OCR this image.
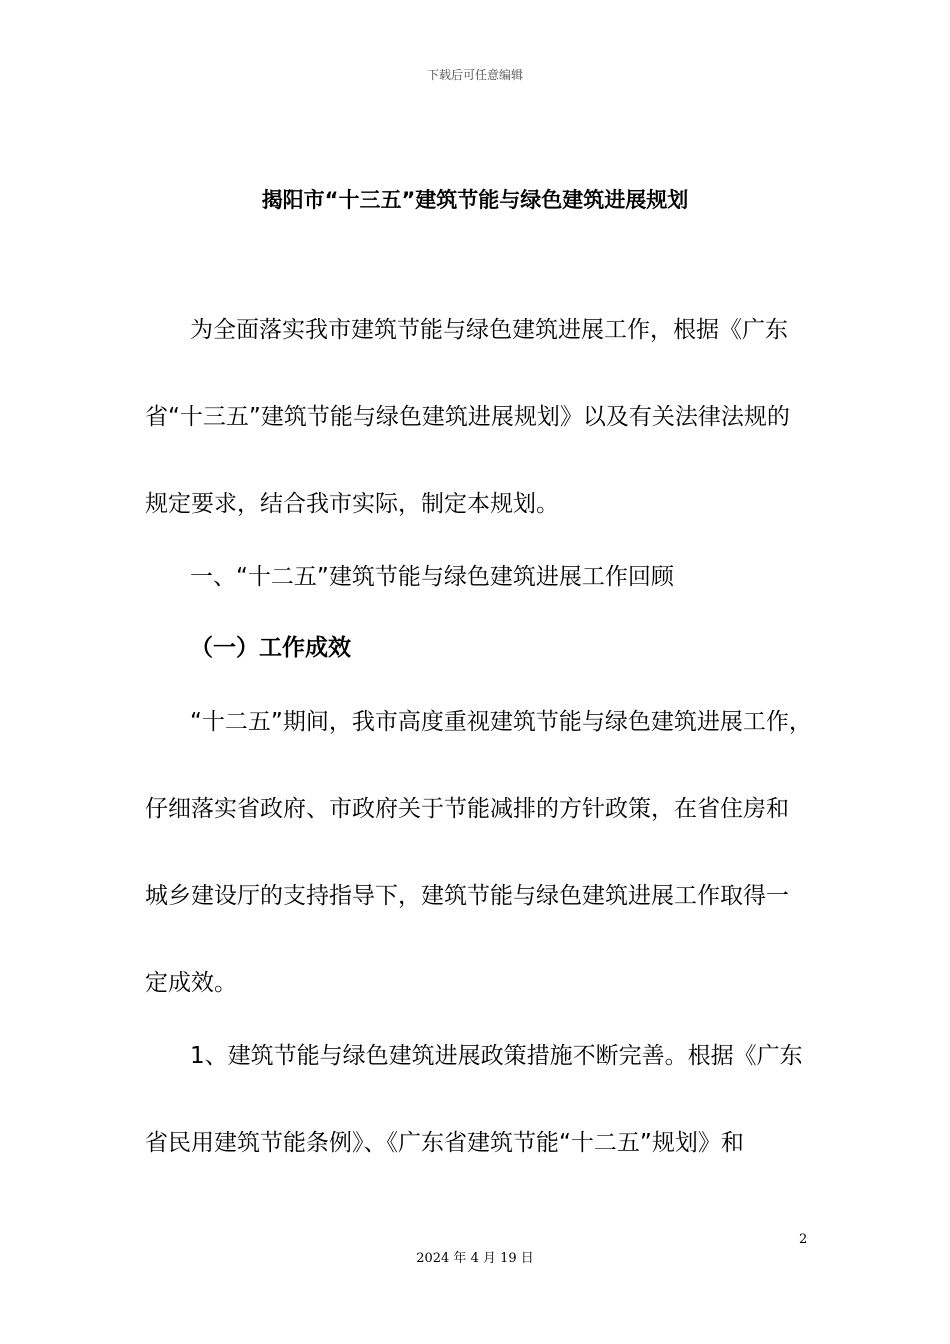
下载后可任意编辑
揭阳市“十三五”建筑节能与绿色建筑进展规划
为全面落实我市建筑节能与绿色建筑进展工作，根据《广东
省“十三五”建筑节能与绿色建筑进展规划》以及有关法律法规的
规定要求，结合我市实际，制定本规划。
一、“十二五”建筑节能与绿色建筑进展工作回顾
（一）工作成效
“十二五”期间，我市高度重视建筑节能与绿色建筑进展工作，
仔细落实省政府、市政府关于节能减排的方针政策，在省住房和
城乡建设厅的支持指导下，建筑节能与绿色建筑进展工作取得一
定成效。
1、建筑节能与绿色建筑进展政策措施不断完善。根据《广东
省民用建筑节能条例》、《广东省建筑节能“十二五”规划》和
2
2024 年 4 月 19 日
